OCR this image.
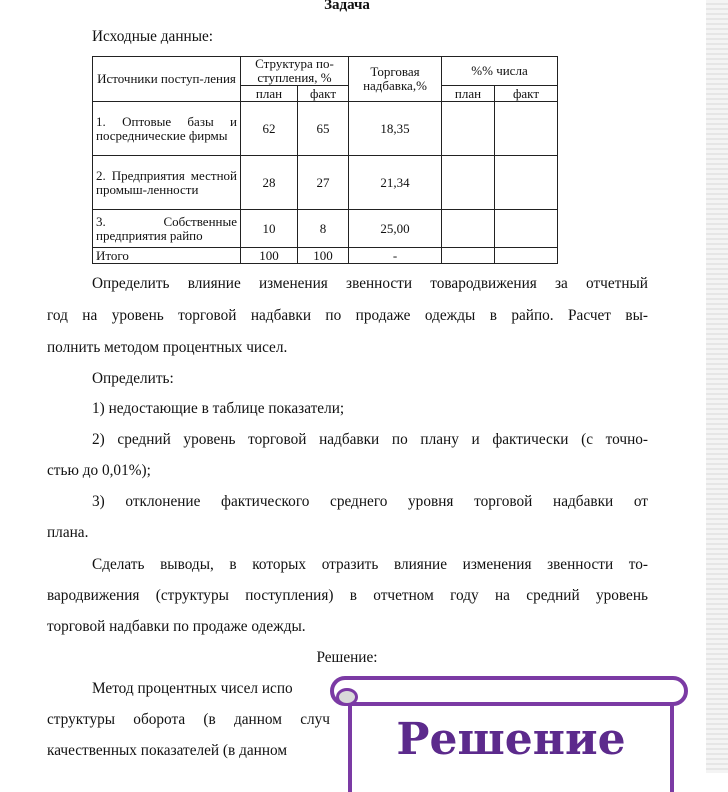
Задача
Исходные данные:
Источники поступ-ления	Структура по-ступления, %		Торговая надбавка,%	%% числа	
	план	факт		план	факт
1. Оптовые базы и посреднические фирмы	62	65	18,35		
2. Предприятия местной промыш-ленности	28	27	21,34		
3. Собственные предприятия райпо	10	8	25,00		
Итого	100	100	-		
Определить влияние изменения звенности товародвижения за отчетный
год на уровень торговой надбавки по продаже одежды в райпо. Расчет вы-
полнить методом процентных чисел.
Определить:
1) недостающие в таблице показатели;
2) средний уровень торговой надбавки по плану и фактически (с точно-
стью до 0,01%);
3) отклонение фактического среднего уровня торговой надбавки от
плана.
Сделать выводы, в которых отразить влияние изменения звенности то-
вародвижения (структуры поступления) в отчетном году на средний уровень
торговой надбавки по продаже одежды.
Решение:
Метод процентных чисел испо
структуры оборота (в данном случ
качественных показателей (в данном	Решение
